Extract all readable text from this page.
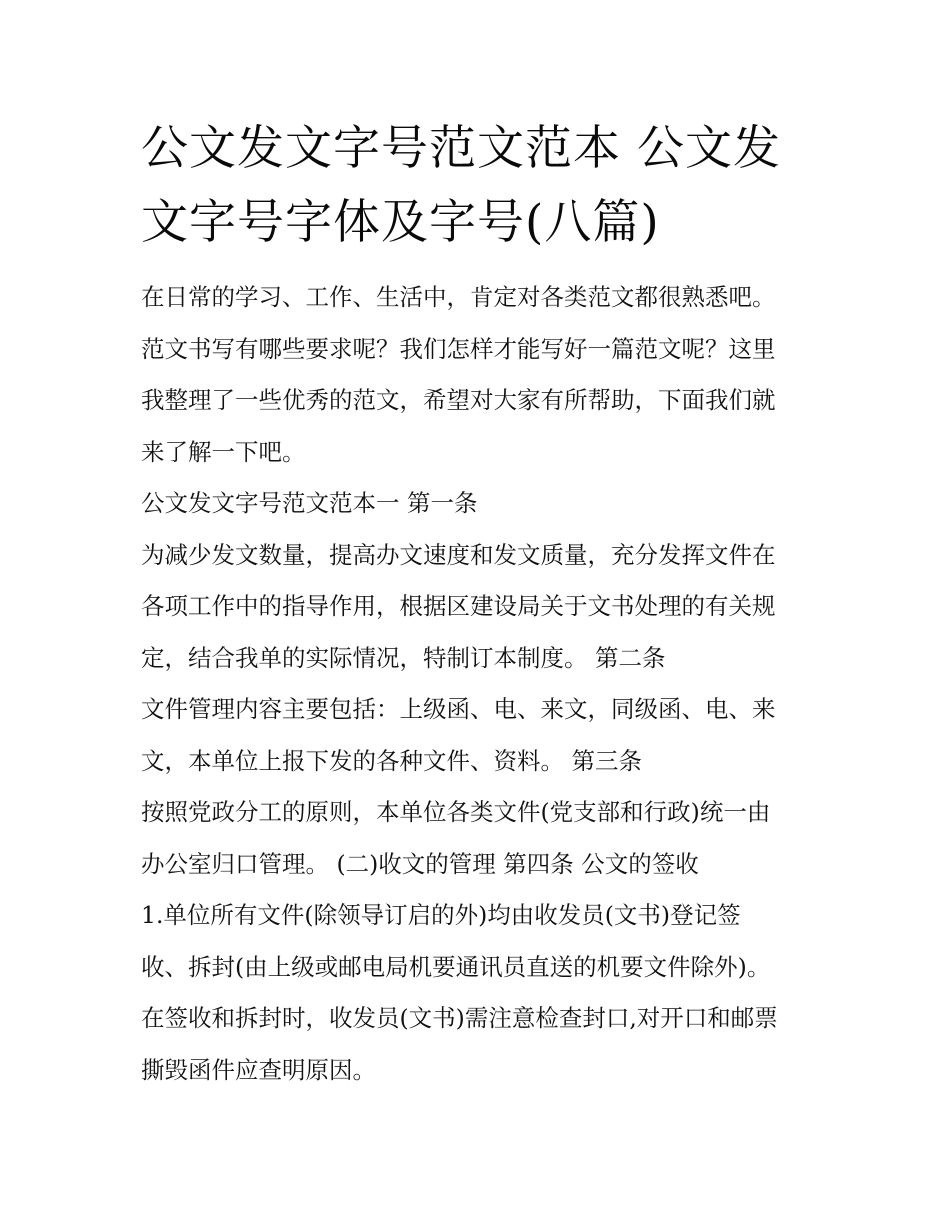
公文发文字号范文范本 公文发
文字号字体及字号(八篇)

在日常的学习、工作、生活中，肯定对各类范文都很熟悉吧。

范文书写有哪些要求呢？我们怎样才能写好一篇范文呢？这里

我整理了一些优秀的范文，希望对大家有所帮助，下面我们就

来了解一下吧。

公文发文字号范文范本一 第一条

为减少发文数量，提高办文速度和发文质量，充分发挥文件在

各项工作中的指导作用，根据区建设局关于文书处理的有关规

定，结合我单的实际情况，特制订本制度。 第二条

文件管理内容主要包括：上级函、电、来文，同级函、电、来

文，本单位上报下发的各种文件、资料。 第三条

按照党政分工的原则，本单位各类文件(党支部和行政)统一由

办公室归口管理。 (二)收文的管理 第四条 公文的签收

1.单位所有文件(除领导订启的外)均由收发员(文书)登记签

收、拆封(由上级或邮电局机要通讯员直送的机要文件除外)。

在签收和拆封时，收发员(文书)需注意检查封口,对开口和邮票

撕毁函件应查明原因。
